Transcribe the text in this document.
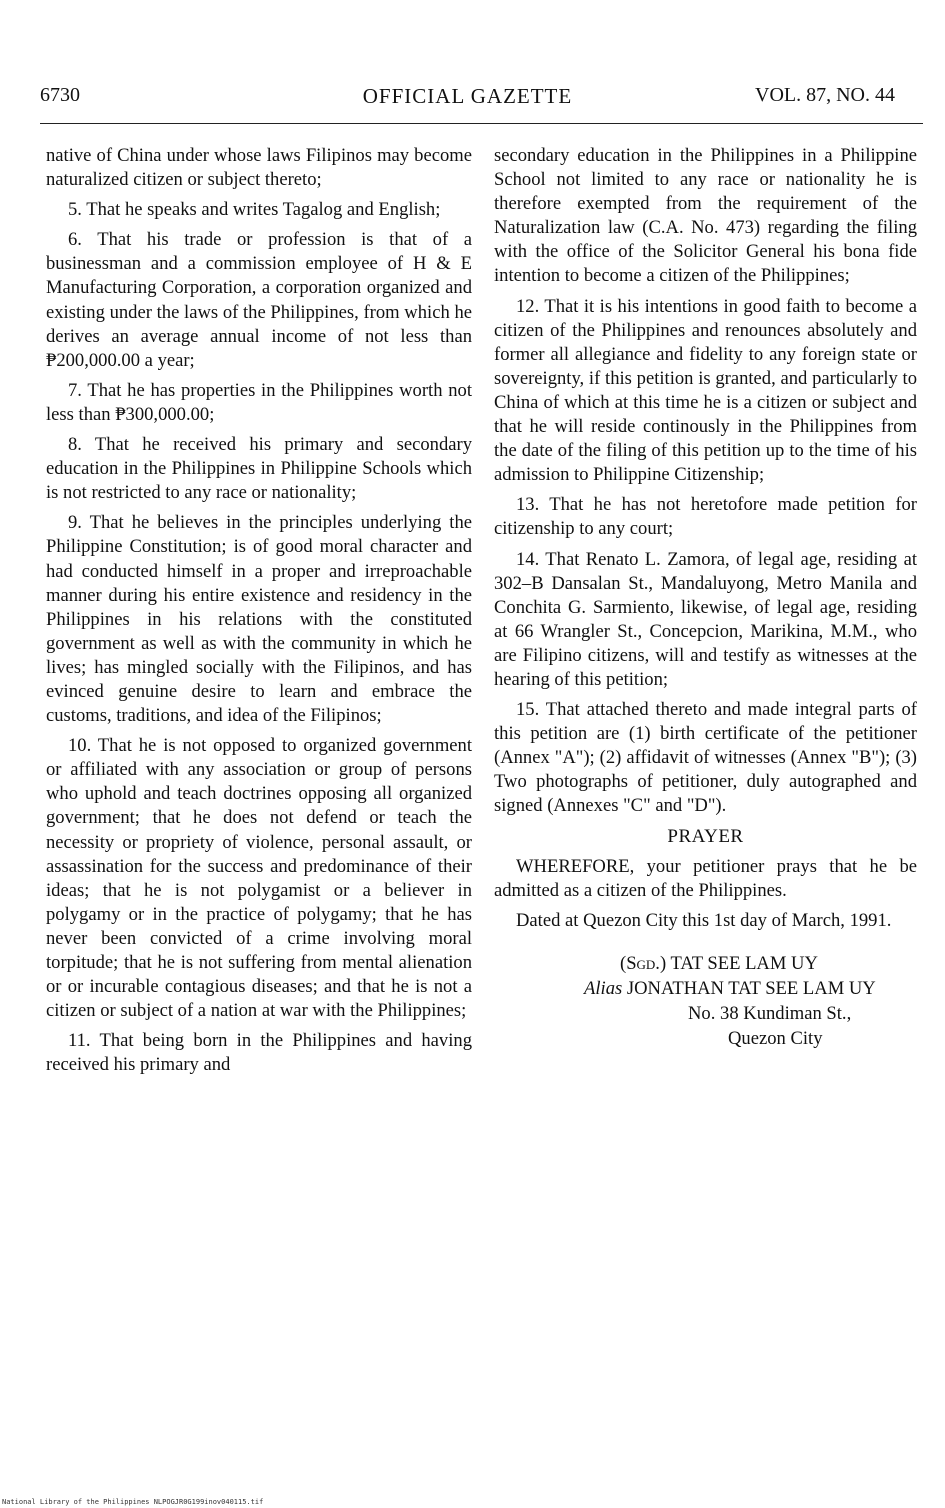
6730	OFFICIAL GAZETTE	VOL. 87, NO. 44

native of China under whose laws Filipinos may become naturalized citizen or subject thereto;

5. That he speaks and writes Tagalog and English;

6. That his trade or profession is that of a businessman and a commission employee of H & E Manufacturing Corporation, a corporation organized and existing under the laws of the Philippines, from which he derives an average annual income of not less than ₱200,000.00 a year;

7. That he has properties in the Philippines worth not less than ₱300,000.00;

8. That he received his primary and secondary education in the Philippines in Philippine Schools which is not restricted to any race or nationality;

9. That he believes in the principles underlying the Philippine Constitution; is of good moral character and had conducted himself in a proper and irreproachable manner during his entire existence and residency in the Philippines in his relations with the constituted government as well as with the community in which he lives; has mingled socially with the Filipinos, and has evinced genuine desire to learn and embrace the customs, traditions, and idea of the Filipinos;

10. That he is not opposed to organized government or affiliated with any association or group of persons who uphold and teach doctrines opposing all organized government; that he does not defend or teach the necessity or propriety of violence, personal assault, or assassination for the success and predominance of their ideas; that he is not polygamist or a believer in polygamy or in the practice of polygamy; that he has never been convicted of a crime involving moral torpitude; that he is not suffering from mental alienation or or incurable contagious diseases; and that he is not a citizen or subject of a nation at war with the Philippines;

11. That being born in the Philippines and having received his primary and

secondary education in the Philippines in a Philippine School not limited to any race or nationality he is therefore exempted from the requirement of the Naturalization law (C.A. No. 473) regarding the filing with the office of the Solicitor General his bona fide intention to become a citizen of the Philippines;

12. That it is his intentions in good faith to become a citizen of the Philippines and renounces absolutely and former all allegiance and fidelity to any foreign state or sovereignty, if this petition is granted, and particularly to China of which at this time he is a citizen or subject and that he will reside continously in the Philippines from the date of the filing of this petition up to the time of his admission to Philippine Citizenship;

13. That he has not heretofore made petition for citizenship to any court;

14. That Renato L. Zamora, of legal age, residing at 302–B Dansalan St., Mandaluyong, Metro Manila and Conchita G. Sarmiento, likewise, of legal age, residing at 66 Wrangler St., Concepcion, Marikina, M.M., who are Filipino citizens, will and testify as witnesses at the hearing of this petition;

15. That attached thereto and made integral parts of this petition are (1) birth certificate of the petitioner (Annex "A"); (2) affidavit of witnesses (Annex "B"); (3) Two photographs of petitioner, duly autographed and signed (Annexes "C" and "D").

PRAYER

WHEREFORE, your petitioner prays that he be admitted as a citizen of the Philippines.

Dated at Quezon City this 1st day of March, 1991.

(Sgd.) TAT SEE LAM UY
Alias JONATHAN TAT SEE LAM UY
No. 38 Kundiman St.,
Quezon City
National Library of the Philippines NLPOGJR0G199inov040115.tif
